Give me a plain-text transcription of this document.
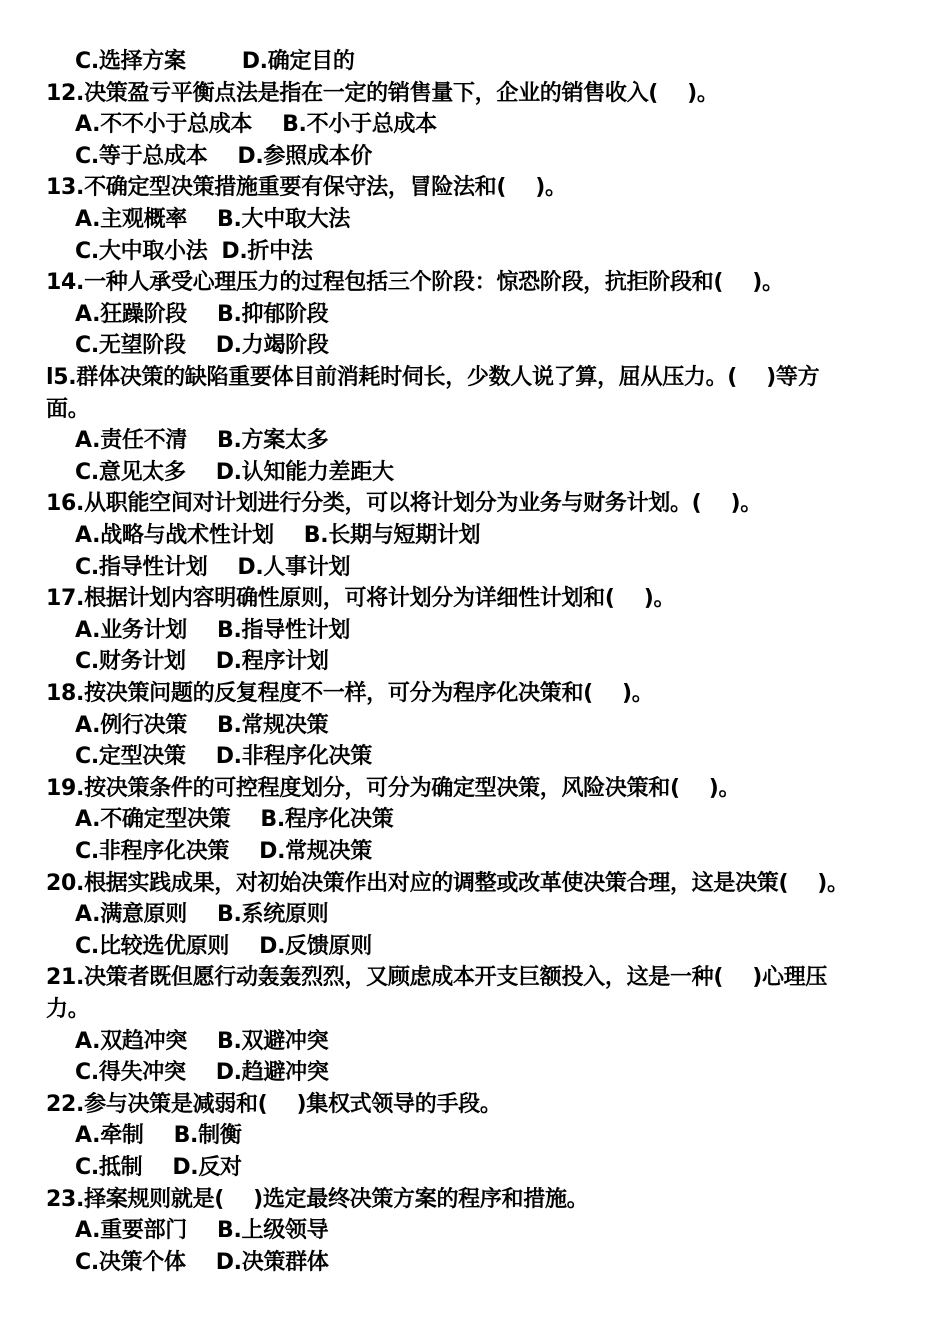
C.选择方案	D.确定目的
12.决策盈亏平衡点法是指在一定的销售量下，企业的销售收入(　 )。
A.不不小于总成本 B.不小于总成本
C.等于总成本 D.参照成本价
13.不确定型决策措施重要有保守法，冒险法和(　 )。
A.主观概率 B.大中取大法
C.大中取小法 D.折中法
14.一种人承受心理压力的过程包括三个阶段：惊恐阶段，抗拒阶段和(　 )。
A.狂躁阶段 B.抑郁阶段
C.无望阶段 D.力竭阶段
l5.群体决策的缺陷重要体目前消耗时伺长，少数人说了算，屈从压力。(　 )等方
面。
A.责任不清 B.方案太多
C.意见太多 D.认知能力差距大
16.从职能空间对计划进行分类，可以将计划分为业务与财务计划。(　 )。
A.战略与战术性计划 B.长期与短期计划
C.指导性计划 D.人事计划
17.根据计划内容明确性原则，可将计划分为详细性计划和(　 )。
A.业务计划 B.指导性计划
C.财务计划 D.程序计划
18.按决策问题的反复程度不一样，可分为程序化决策和(　 )。
A.例行决策 B.常规决策
C.定型决策 D.非程序化决策
19.按决策条件的可控程度划分，可分为确定型决策，风险决策和(　 )。
A.不确定型决策 B.程序化决策
C.非程序化决策 D.常规决策
20.根据实践成果，对初始决策作出对应的调整或改革使决策合理，这是决策(　 )。
A.满意原则 B.系统原则
C.比较选优原则 D.反馈原则
21.决策者既但愿行动轰轰烈烈，又顾虑成本开支巨额投入，这是一种(　 )心理压
力。
A.双趋冲突 B.双避冲突
C.得失冲突 D.趋避冲突
22.参与决策是减弱和(　 )集权式领导的手段。
A.牵制 B.制衡
C.抵制 D.反对
23.择案规则就是(　 )选定最终决策方案的程序和措施。
A.重要部门 B.上级领导
C.决策个体 D.决策群体
